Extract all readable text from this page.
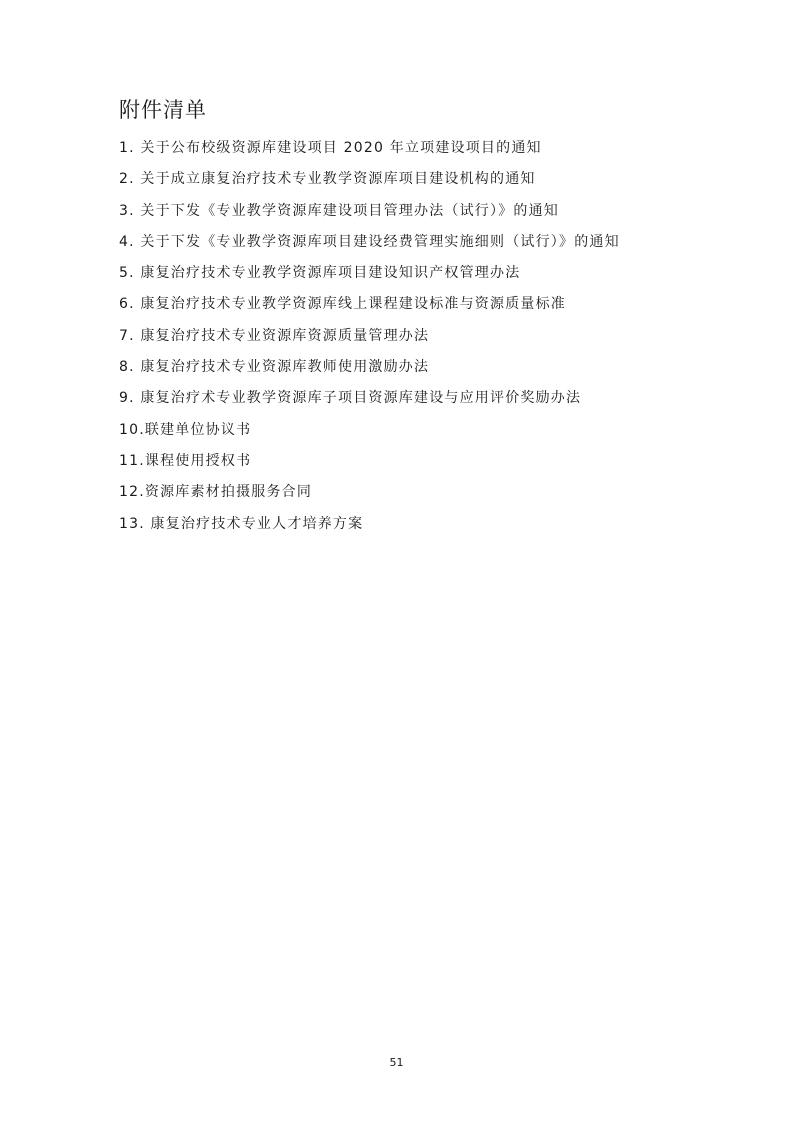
附件清单
1. 关于公布校级资源库建设项目 2020 年立项建设项目的通知
2. 关于成立康复治疗技术专业教学资源库项目建设机构的通知
3. 关于下发《专业教学资源库建设项目管理办法（试行）》的通知
4. 关于下发《专业教学资源库项目建设经费管理实施细则（试行）》的通知
5. 康复治疗技术专业教学资源库项目建设知识产权管理办法
6. 康复治疗技术专业教学资源库线上课程建设标准与资源质量标准
7. 康复治疗技术专业资源库资源质量管理办法
8. 康复治疗技术专业资源库教师使用激励办法
9. 康复治疗术专业教学资源库子项目资源库建设与应用评价奖励办法
10.联建单位协议书
11.课程使用授权书
12.资源库素材拍摄服务合同
13. 康复治疗技术专业人才培养方案
51
